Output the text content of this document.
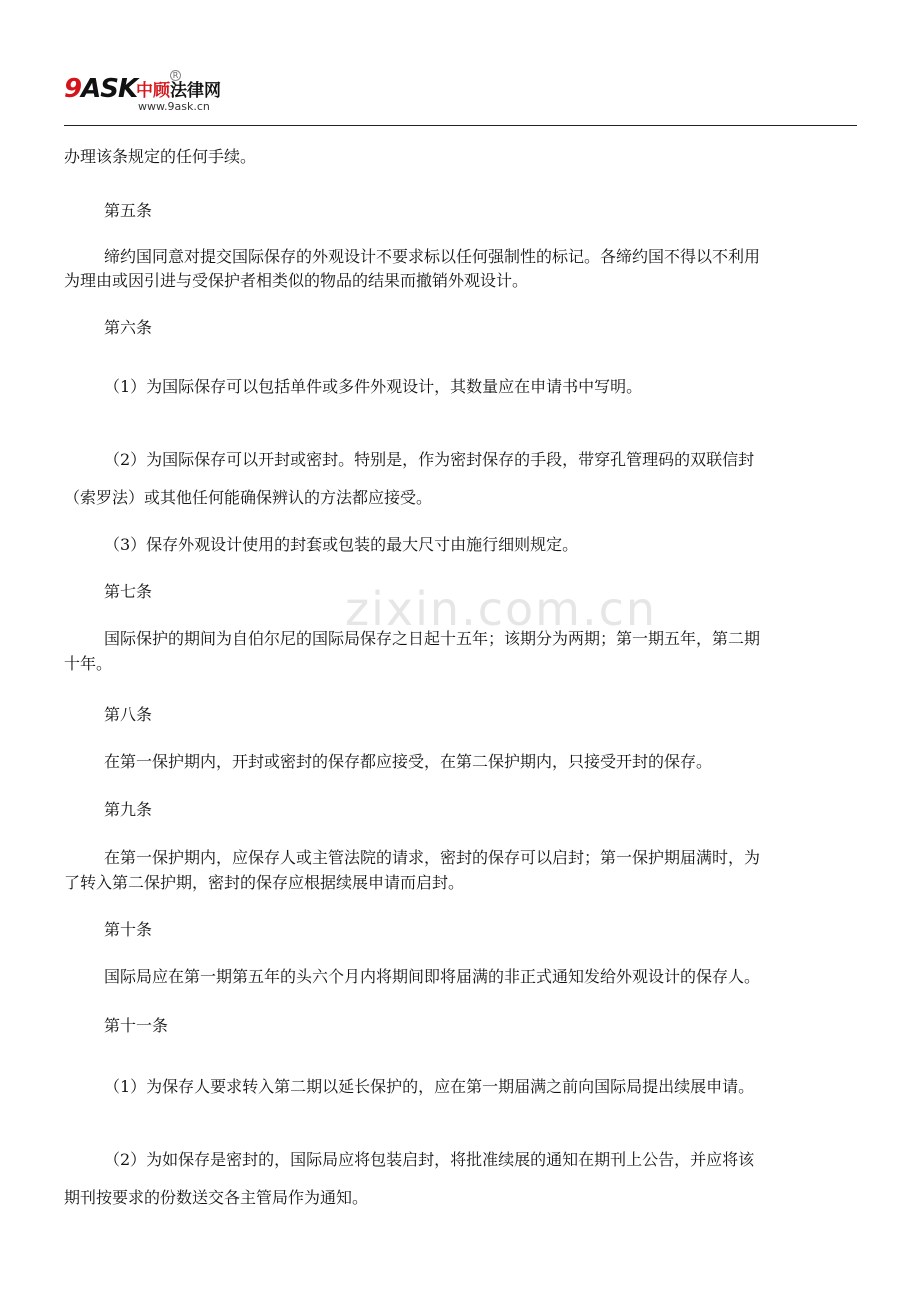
9ASK
中顾法律网
R
www.9ask.cn
zixin.com.cn
办理该条规定的任何手续。
第五条
缔约国同意对提交国际保存的外观设计不要求标以任何强制性的标记。各缔约国不得以不利用
为理由或因引进与受保护者相类似的物品的结果而撤销外观设计。
第六条
（1）为国际保存可以包括单件或多件外观设计，其数量应在申请书中写明。
（2）为国际保存可以开封或密封。特别是，作为密封保存的手段，带穿孔管理码的双联信封
（索罗法）或其他任何能确保辨认的方法都应接受。
（3）保存外观设计使用的封套或包装的最大尺寸由施行细则规定。
第七条
国际保护的期间为自伯尔尼的国际局保存之日起十五年；该期分为两期；第一期五年，第二期
十年。
第八条
在第一保护期内，开封或密封的保存都应接受，在第二保护期内，只接受开封的保存。
第九条
在第一保护期内，应保存人或主管法院的请求，密封的保存可以启封；第一保护期届满时，为
了转入第二保护期，密封的保存应根据续展申请而启封。
第十条
国际局应在第一期第五年的头六个月内将期间即将届满的非正式通知发给外观设计的保存人。
第十一条
（1）为保存人要求转入第二期以延长保护的，应在第一期届满之前向国际局提出续展申请。
（2）为如保存是密封的，国际局应将包装启封，将批准续展的通知在期刊上公告，并应将该
期刊按要求的份数送交各主管局作为通知。
